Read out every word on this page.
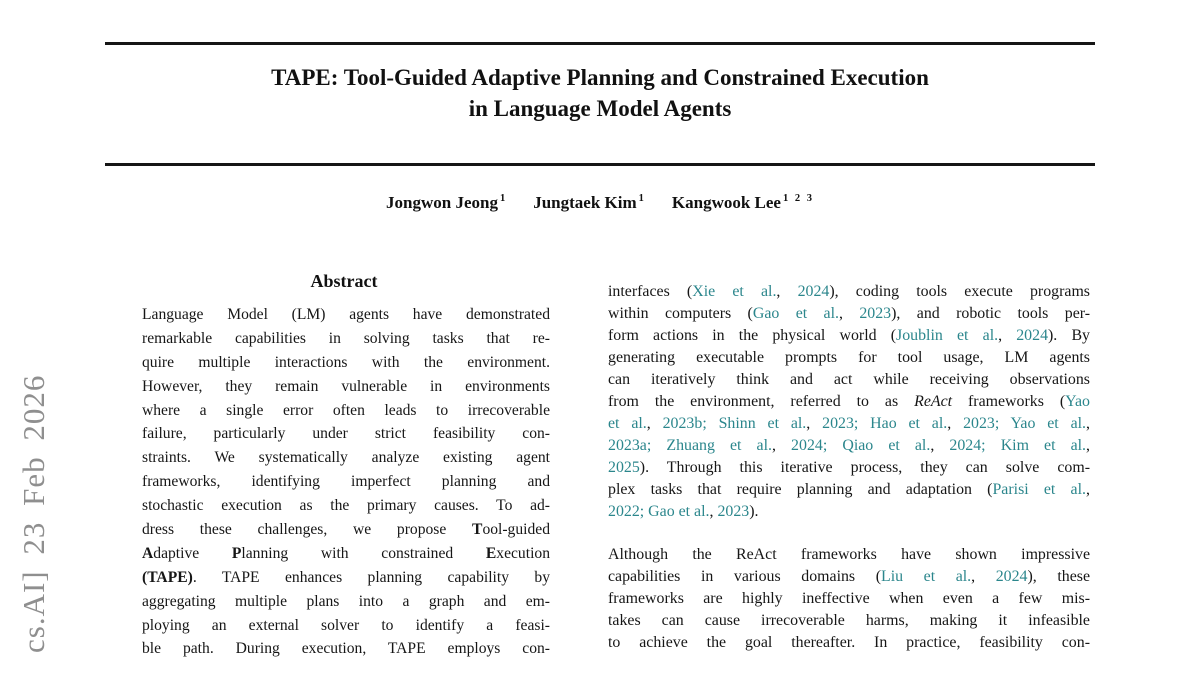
cs.AI] 23 Feb 2026
TAPE: Tool-Guided Adaptive Planning and Constrained Execution
in Language Model Agents
Jongwon Jeong $^1$ Jungtaek Kim $^1$ Kangwook Lee $^{1 2 3}$
Abstract
Language Model (LM) agents have demonstrated
remarkable capabilities in solving tasks that re-
quire multiple interactions with the environment.
However, they remain vulnerable in environments
where a single error often leads to irrecoverable
failure, particularly under strict feasibility con-
straints. We systematically analyze existing agent
frameworks, identifying imperfect planning and
stochastic execution as the primary causes. To ad-
dress these challenges, we propose Tool-guided
Adaptive Planning with constrained Execution
(TAPE). TAPE enhances planning capability by
aggregating multiple plans into a graph and em-
ploying an external solver to identify a feasi-
ble path. During execution, TAPE employs con-
interfaces (Xie et al., 2024), coding tools execute programs
within computers (Gao et al., 2023), and robotic tools per-
form actions in the physical world (Joublin et al., 2024). By
generating executable prompts for tool usage, LM agents
can iteratively think and act while receiving observations
from the environment, referred to as ReAct frameworks (Yao
et al., 2023b; Shinn et al., 2023; Hao et al., 2023; Yao et al.,
2023a; Zhuang et al., 2024; Qiao et al., 2024; Kim et al.,
2025). Through this iterative process, they can solve com-
plex tasks that require planning and adaptation (Parisi et al.,
2022; Gao et al., 2023).
Although the ReAct frameworks have shown impressive
capabilities in various domains (Liu et al., 2024), these
frameworks are highly ineffective when even a few mis-
takes can cause irrecoverable harms, making it infeasible
to achieve the goal thereafter. In practice, feasibility con-
